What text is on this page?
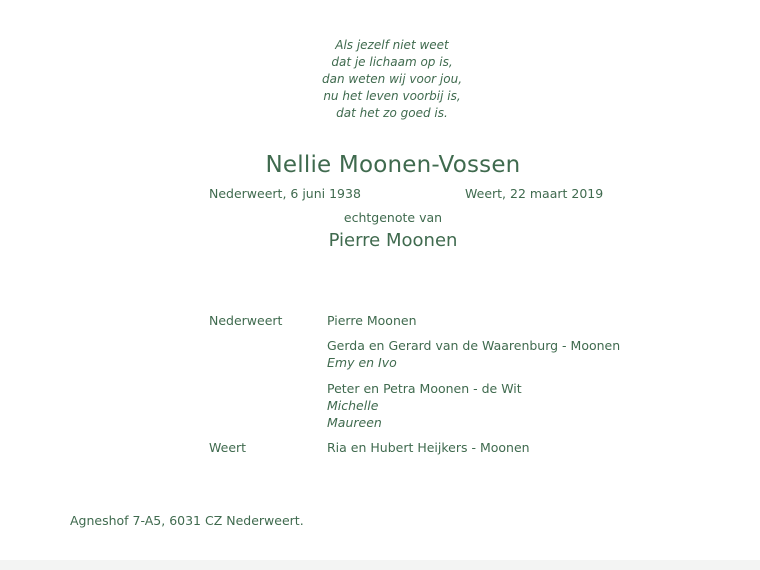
Als jezelf niet weet
dat je lichaam op is,
dan weten wij voor jou,
nu het leven voorbij is,
dat het zo goed is.
Nellie Moonen-Vossen
Nederweert, 6 juni 1938	Weert, 22 maart 2019
echtgenote van
Pierre Moonen
Nederweert	Pierre Moonen
Gerda en Gerard van de Waarenburg - Moonen
Emy en Ivo
Peter en Petra Moonen - de Wit
Michelle
Maureen
Weert	Ria en Hubert Heijkers - Moonen
Agneshof 7-A5, 6031 CZ Nederweert.
